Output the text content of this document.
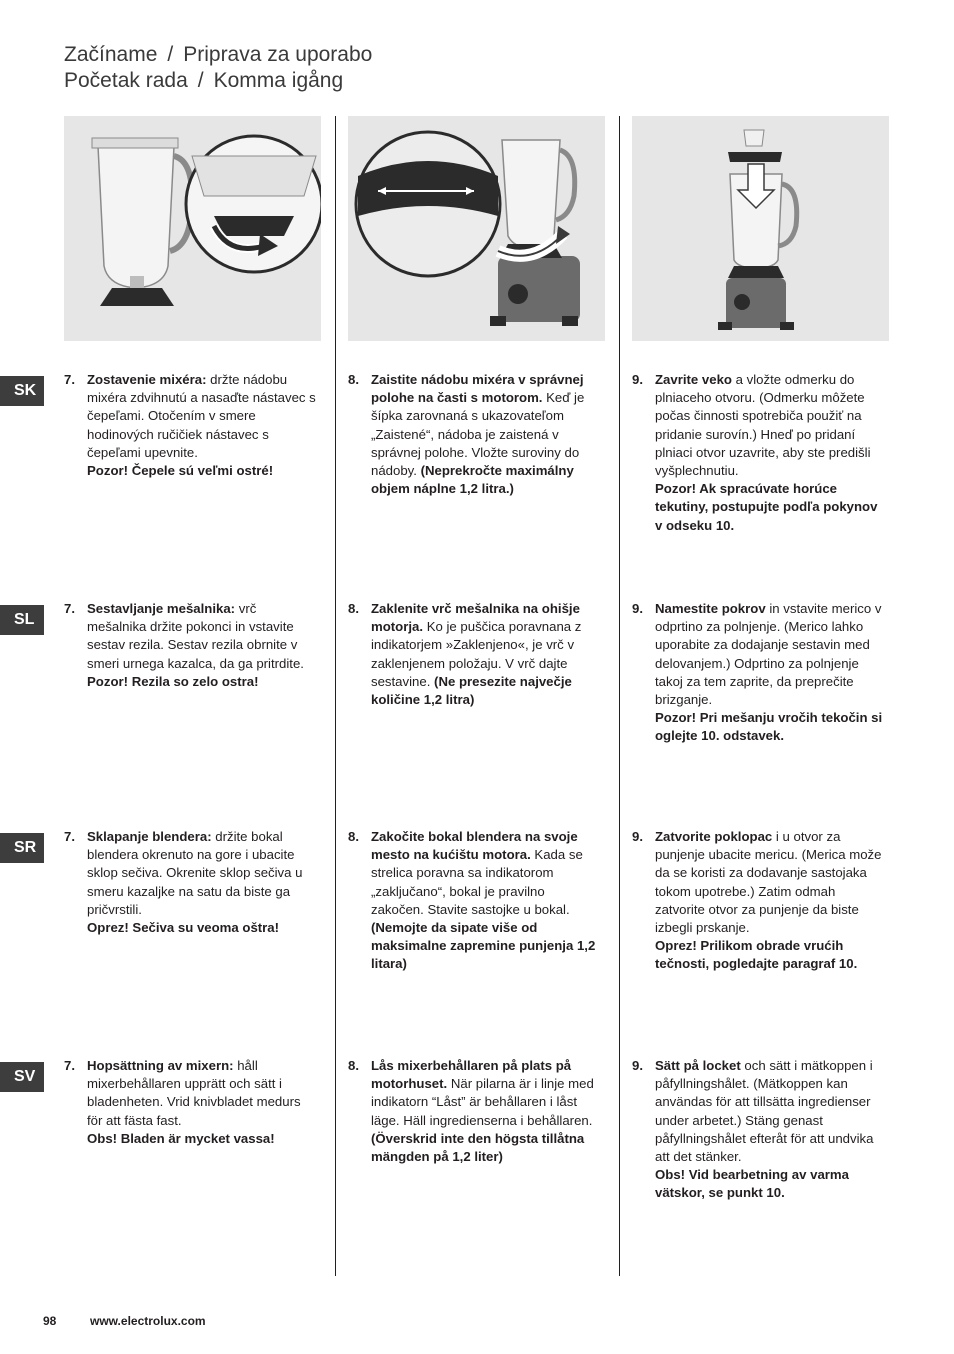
Začíname / Priprava za uporabo
Početak rada / Komma igång
SK
SL
SR
SV
7. Zostavenie mixéra: držte nádobu mixéra zdvihnutú a nasaďte nástavec s čepeľami. Otočením v smere hodinových ručičiek nástavec s čepeľami upevnite.
Pozor! Čepele sú veľmi ostré!
8. Zaistite nádobu mixéra v správnej polohe na časti s motorom. Keď je šípka zarovnaná s ukazovateľom „Zaistené“, nádoba je zaistená v správnej polohe. Vložte suroviny do nádoby. (Neprekročte maximálny objem náplne 1,2 litra.)
9. Zavrite veko a vložte odmerku do plniaceho otvoru. (Odmerku môžete počas činnosti spotrebiča použiť na pridanie surovín.) Hneď po pridaní plniaci otvor uzavrite, aby ste predišli vyšplechnutiu.
Pozor! Ak spracúvate horúce tekutiny, postupujte podľa pokynov v odseku 10.
7. Sestavljanje mešalnika: vrč mešalnika držite pokonci in vstavite sestav rezila. Sestav rezila obrnite v smeri urnega kazalca, da ga pritrdite.
Pozor! Rezila so zelo ostra!
8. Zaklenite vrč mešalnika na ohišje motorja. Ko je puščica poravnana z indikatorjem »Zaklenjeno«, je vrč v zaklenjenem položaju. V vrč dajte sestavine. (Ne presezite največje količine 1,2 litra)
9. Namestite pokrov in vstavite merico v odprtino za polnjenje. (Merico lahko uporabite za dodajanje sestavin med delovanjem.) Odprtino za polnjenje takoj za tem zaprite, da preprečite brizganje.
Pozor! Pri mešanju vročih tekočin si oglejte 10. odstavek.
7. Sklapanje blendera: držite bokal blendera okrenuto na gore i ubacite sklop sečiva. Okrenite sklop sečiva u smeru kazaljke na satu da biste ga pričvrstili.
Oprez! Sečiva su veoma oštra!
8. Zakočite bokal blendera na svoje mesto na kućištu motora. Kada se strelica poravna sa indikatorom „zaključano“, bokal je pravilno zakočen. Stavite sastojke u bokal. (Nemojte da sipate više od maksimalne zapremine punjenja 1,2 litara)
9. Zatvorite poklopac i u otvor za punjenje ubacite mericu. (Merica može da se koristi za dodavanje sastojaka tokom upotrebe.) Zatim odmah zatvorite otvor za punjenje da biste izbegli prskanje.
Oprez! Prilikom obrade vrućih tečnosti, pogledajte paragraf 10.
7. Hopsättning av mixern: håll mixerbehållaren upprätt och sätt i bladenheten. Vrid knivbladet medurs för att fästa fast.
Obs! Bladen är mycket vassa!
8. Lås mixerbehållaren på plats på motorhuset. När pilarna är i linje med indikatorn “Låst” är behållaren i låst läge. Häll ingredienserna i behållaren. (Överskrid inte den högsta tillåtna mängden på 1,2 liter)
9. Sätt på locket och sätt i mätkoppen i påfyllningshålet. (Mätkoppen kan användas för att tillsätta ingredienser under arbetet.) Stäng genast påfyllningshålet efteråt för att undvika att det stänker.
Obs! Vid bearbetning av varma vätskor, se punkt 10.
98	www.electrolux.com
